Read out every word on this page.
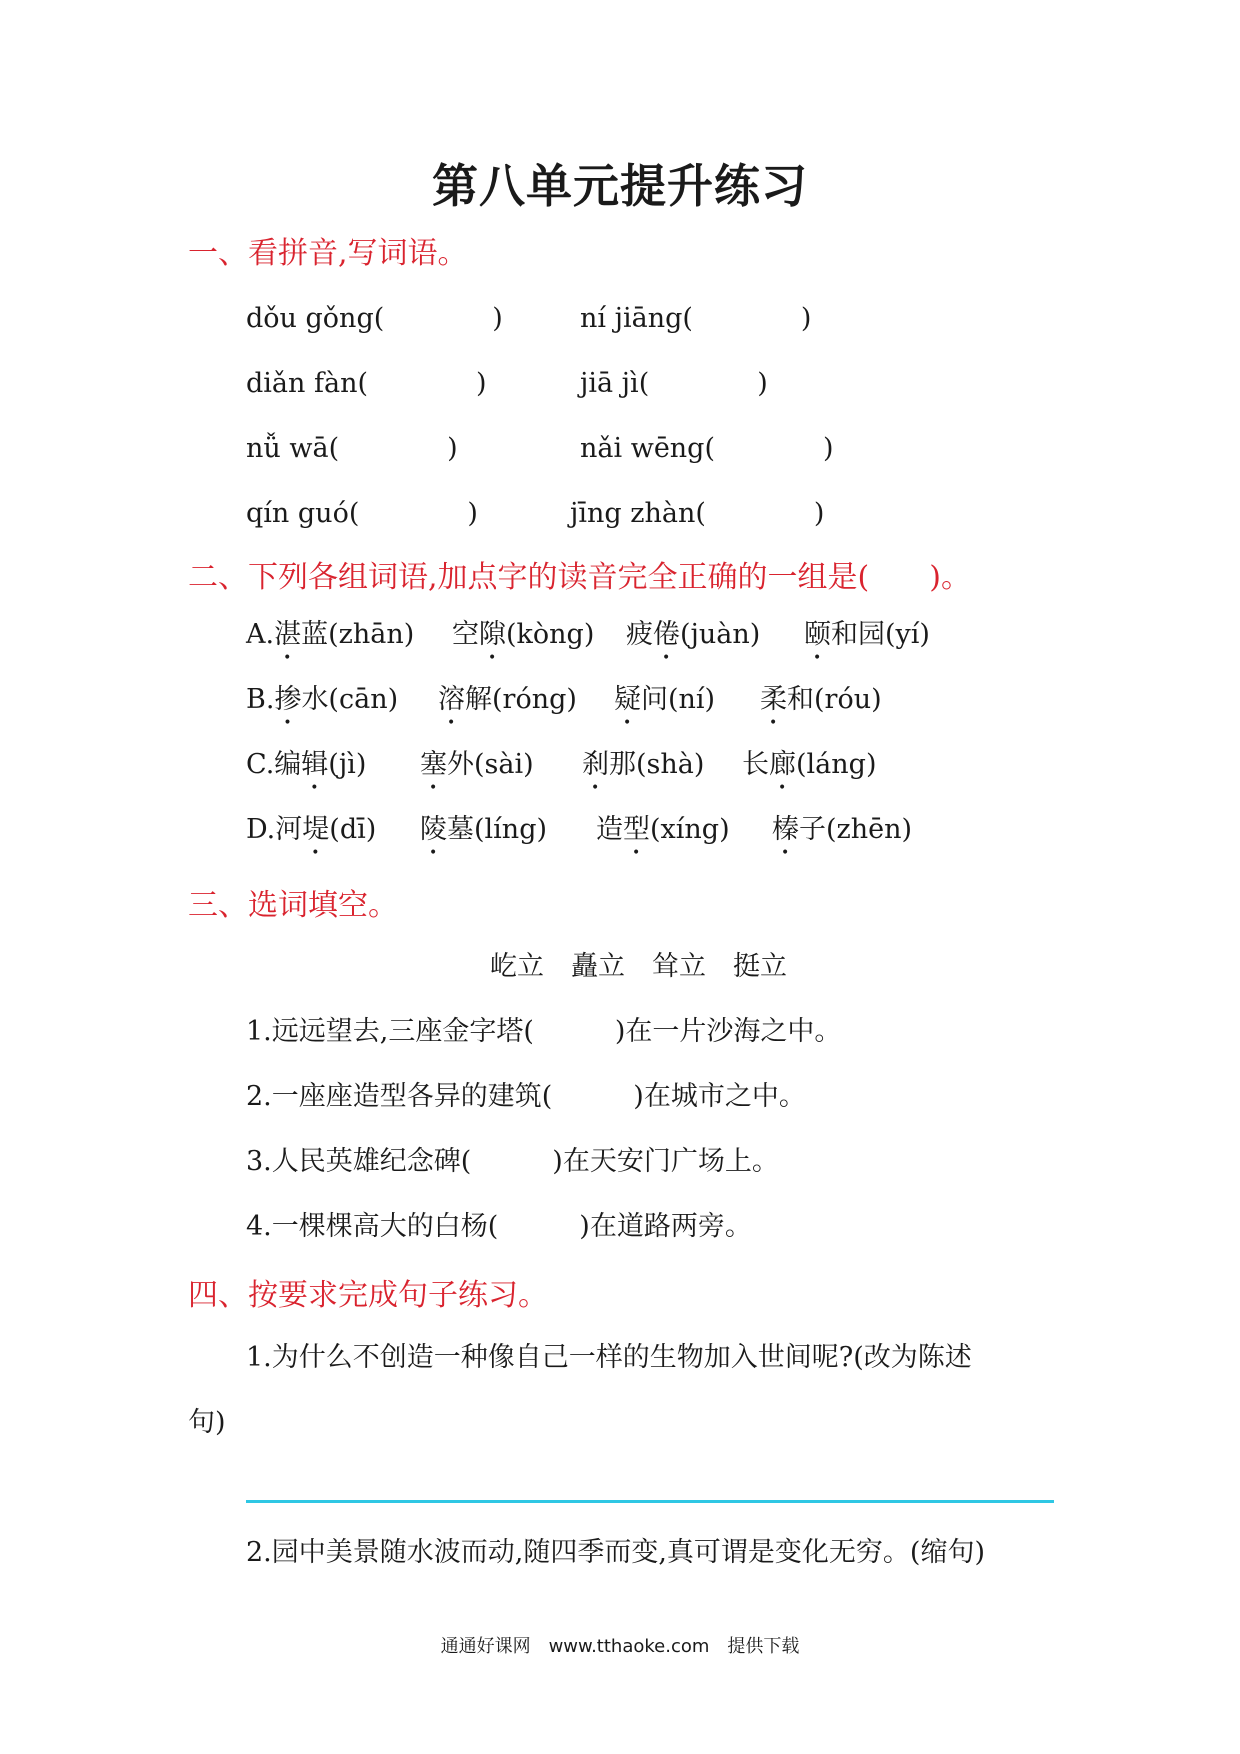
第八单元提升练习
一、看拼音,写词语。
dǒu gǒng(　　　　)	ní jiāng(　　　　)
diǎn fàn(　　　　)	jiā jì(　　　　)
nǚ wā(　　　　)	nǎi wēng(　　　　)
qín guó(　　　　)	jīng zhàn(　　　　)
二、下列各组词语,加点字的读音完全正确的一组是(　　)。
A.湛蓝(zhān) 空隙(kòng) 疲倦(juàn) 颐和园(yí)
B.掺水(cān) 溶解(róng) 疑问(ní) 柔和(róu)
C.编辑(jì) 塞外(sài) 刹那(shà) 长廊(láng)
D.河堤(dī) 陵墓(líng) 造型(xíng) 榛子(zhēn)
三、选词填空。
屹立　矗立　耸立　挺立
1.远远望去,三座金字塔(　　　)在一片沙海之中。
2.一座座造型各异的建筑(　　　)在城市之中。
3.人民英雄纪念碑(　　　)在天安门广场上。
4.一棵棵高大的白杨(　　　)在道路两旁。
四、按要求完成句子练习。
1.为什么不创造一种像自己一样的生物加入世间呢?(改为陈述
句)
2.园中美景随水波而动,随四季而变,真可谓是变化无穷。(缩句)
通通好课网　www.tthaoke.com　提供下载
